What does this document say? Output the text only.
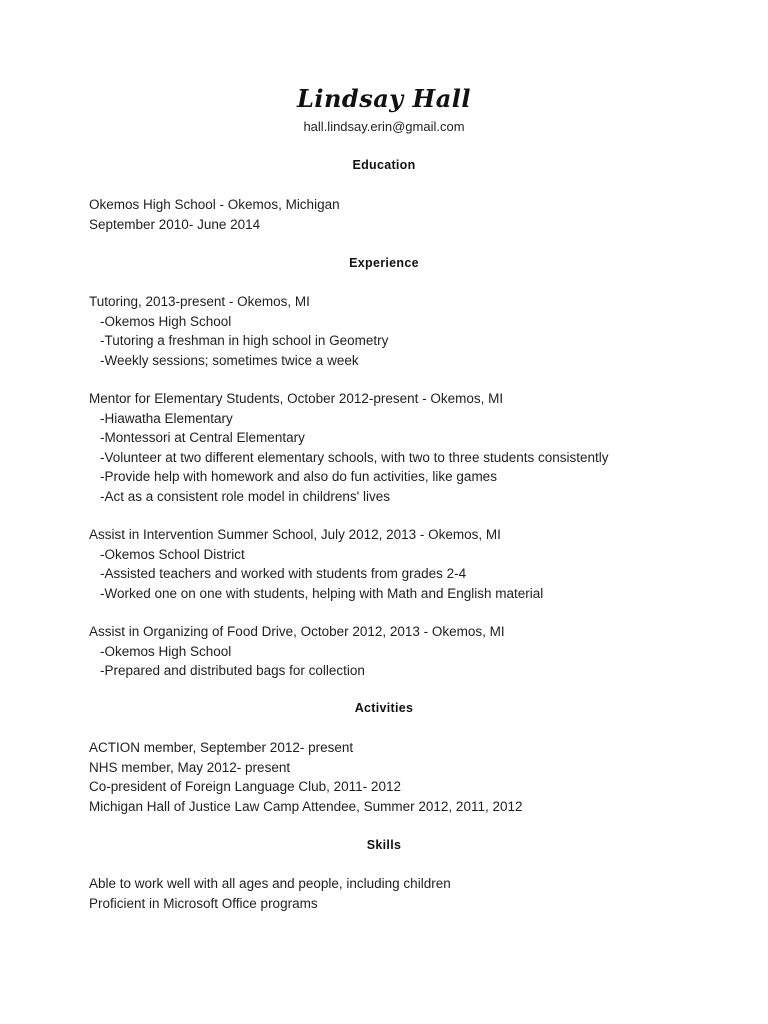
Lindsay Hall
hall.lindsay.erin@gmail.com
Education
Okemos High School - Okemos, Michigan
September 2010- June 2014
Experience
Tutoring, 2013-present - Okemos, MI
-Okemos High School
-Tutoring a freshman in high school in Geometry
-Weekly sessions; sometimes twice a week
Mentor for Elementary Students, October 2012-present - Okemos, MI
-Hiawatha Elementary
-Montessori at Central Elementary
-Volunteer at two different elementary schools, with two to three students consistently
-Provide help with homework and also do fun activities, like games
-Act as a consistent role model in childrens' lives
Assist in Intervention Summer School, July 2012, 2013 - Okemos, MI
-Okemos School District
-Assisted teachers and worked with students from grades 2-4
-Worked one on one with students, helping with Math and English material
Assist in Organizing of Food Drive, October 2012, 2013 - Okemos, MI
-Okemos High School
-Prepared and distributed bags for collection
Activities
ACTION member, September 2012- present
NHS member, May 2012- present
Co-president of Foreign Language Club, 2011- 2012
Michigan Hall of Justice Law Camp Attendee, Summer 2012, 2011, 2012
Skills
Able to work well with all ages and people, including children
Proficient in Microsoft Office programs
